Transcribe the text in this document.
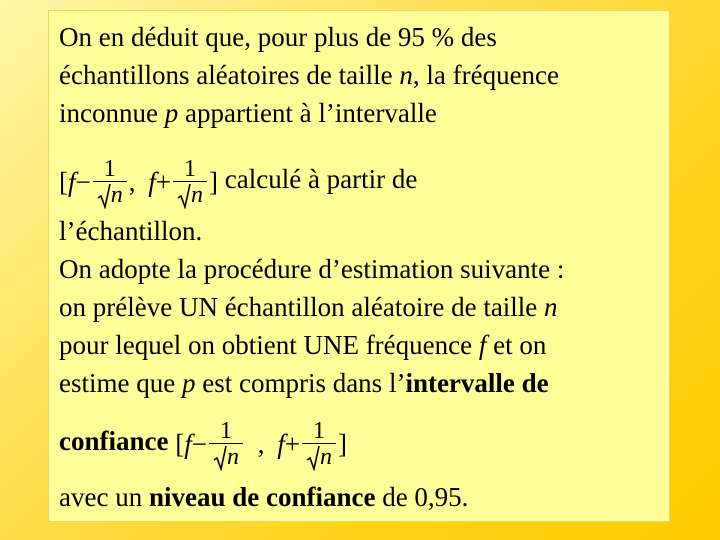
On en déduit que, pour plus de 95 % des
échantillons aléatoires de taille n, la fréquence
inconnue p appartient à l’intervalle
[$f- \frac{1}{n}$ , $f+ \frac{1}{n}$ ] calculé à partir de
l’échantillon.
On adopte la procédure d’estimation suivante :
on prélève UN échantillon aléatoire de taille n
pour lequel on obtient UNE fréquence f et on
estime que p est compris dans l’intervalle de
confiance [$f- \frac{1}{n}$ , $f+ \frac{1}{n}$ ]
avec un niveau de confiance de 0,95.
